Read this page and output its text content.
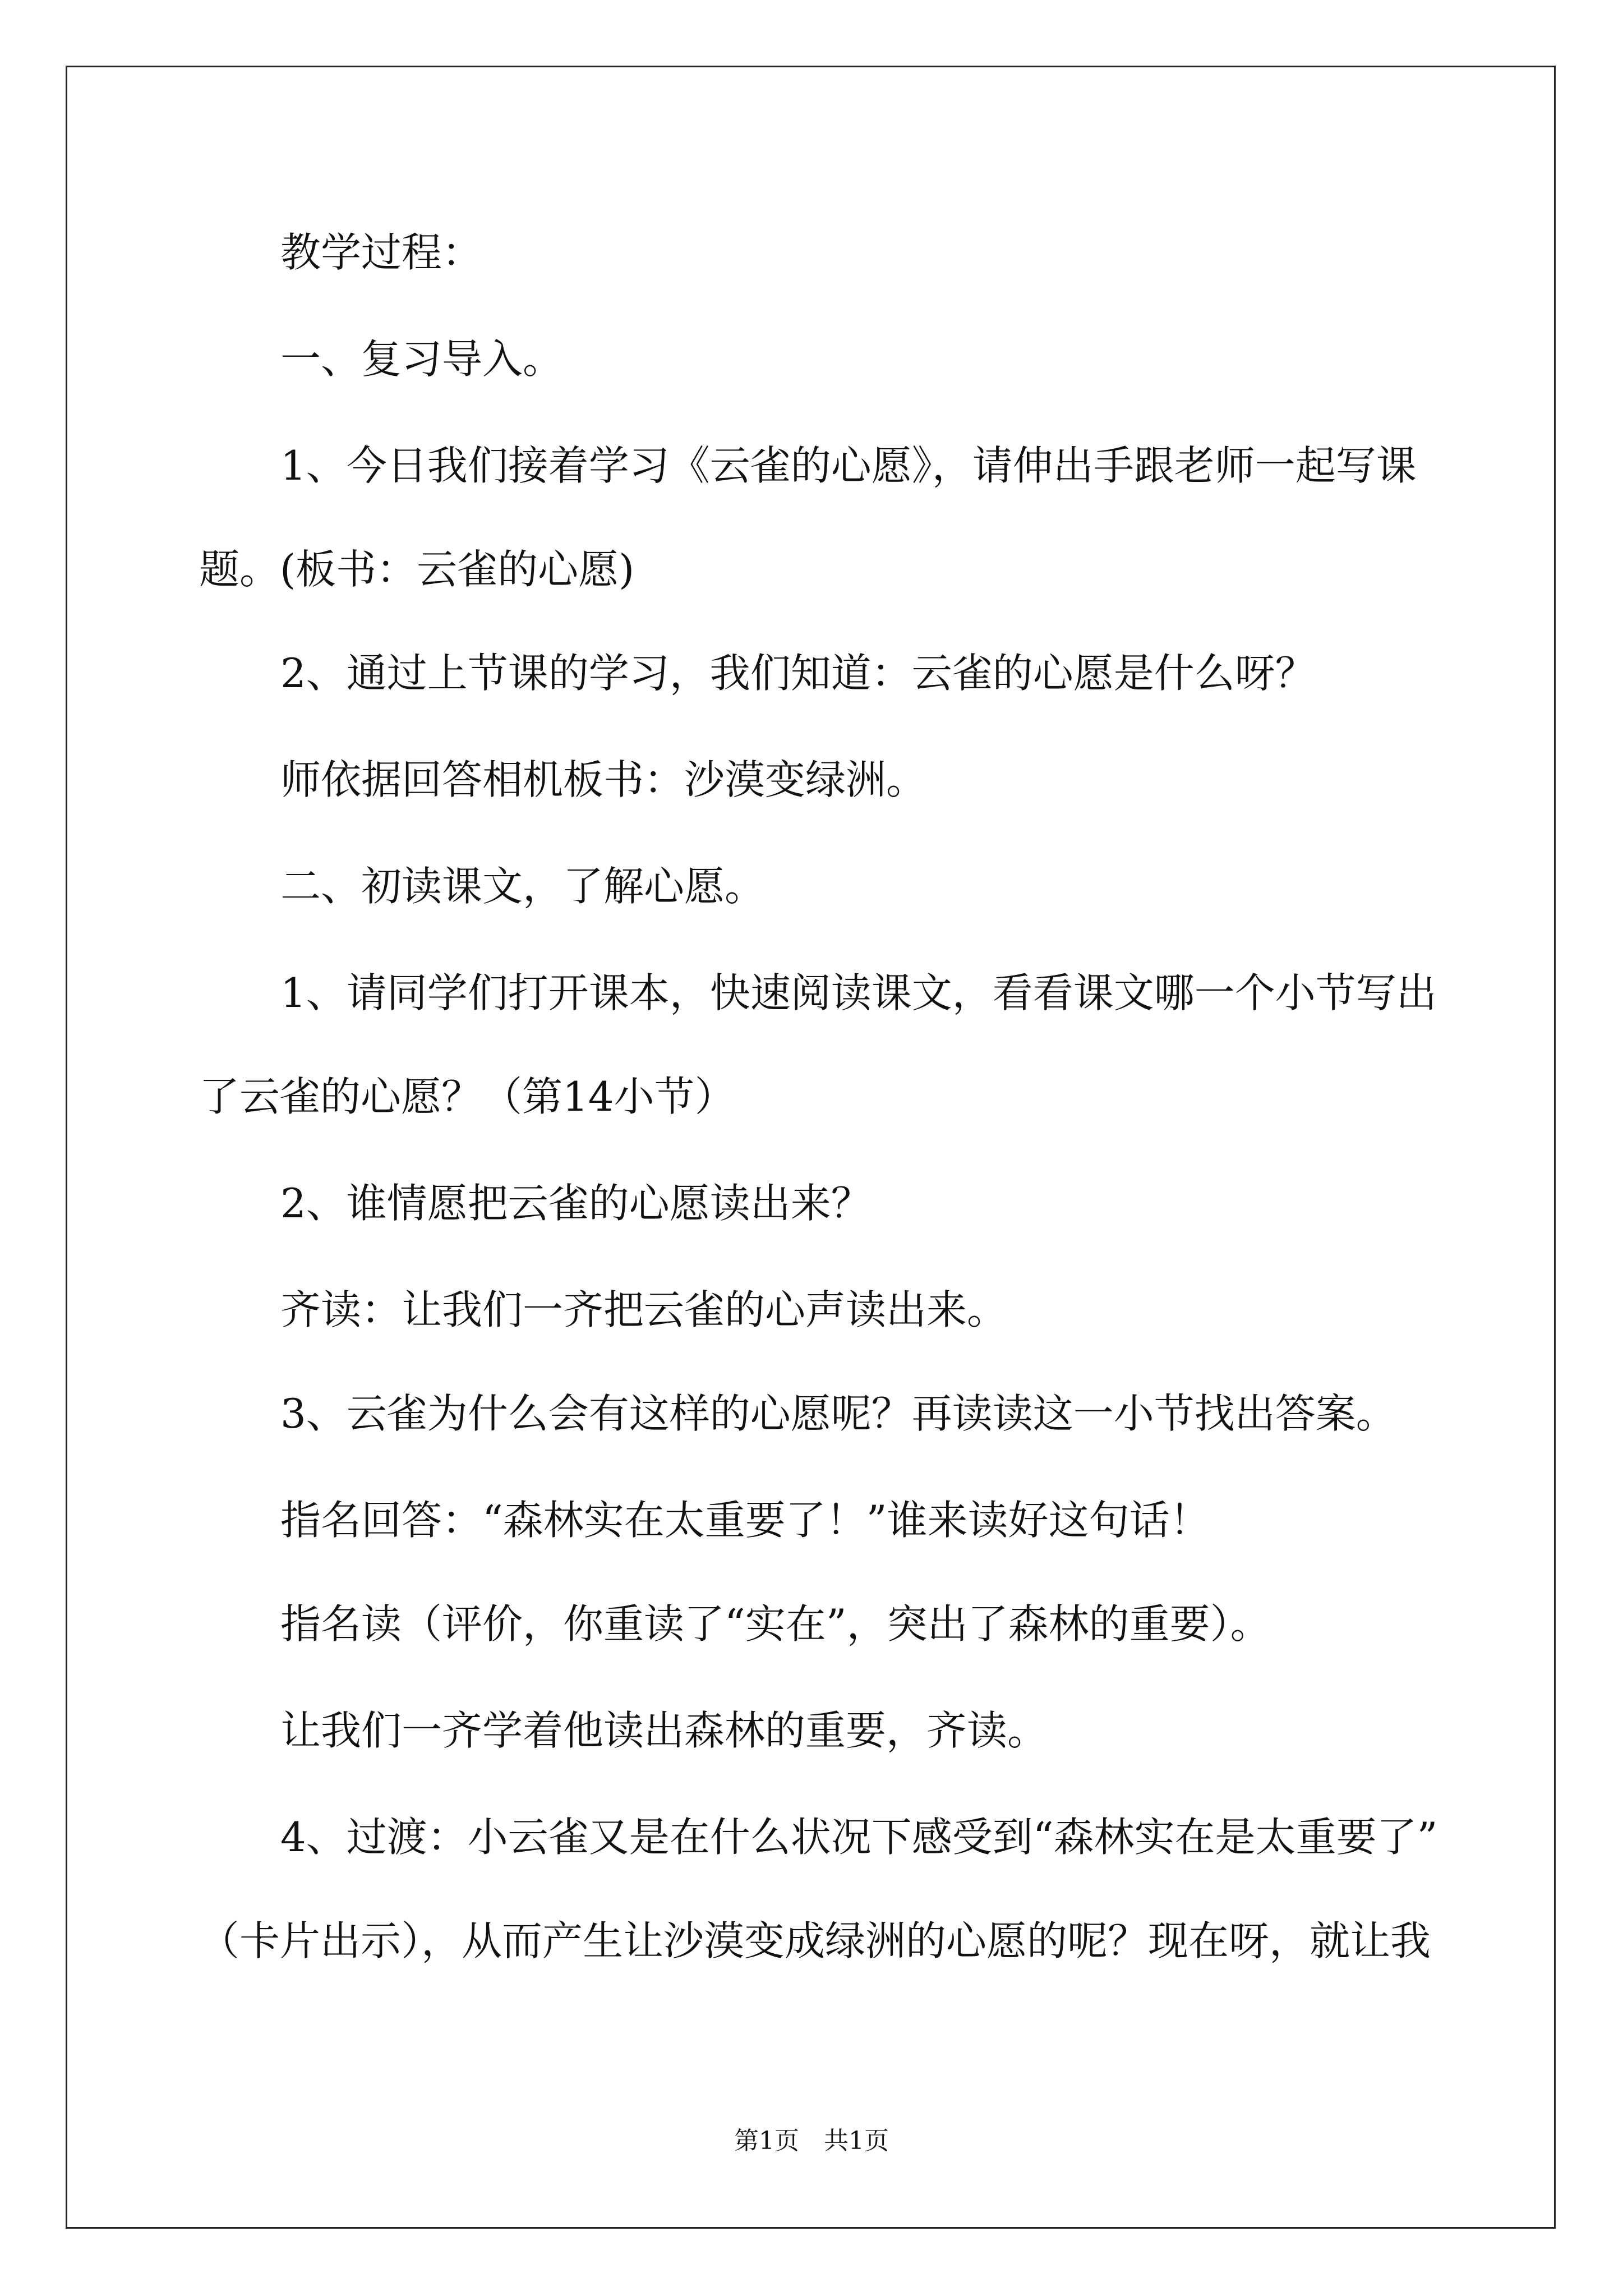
教学过程：
一、复习导入。
1、今日我们接着学习《云雀的心愿》，请伸出手跟老师一起写课
题。(板书：云雀的心愿)
2、通过上节课的学习，我们知道：云雀的心愿是什么呀？
师依据回答相机板书：沙漠变绿洲。
二、初读课文，了解心愿。
1、请同学们打开课本，快速阅读课文，看看课文哪一个小节写出
了云雀的心愿？（第14小节）
2、谁情愿把云雀的心愿读出来？
齐读：让我们一齐把云雀的心声读出来。
3、云雀为什么会有这样的心愿呢？再读读这一小节找出答案。
指名回答：“森林实在太重要了！”谁来读好这句话！
指名读（评价，你重读了“实在”，突出了森林的重要）。
让我们一齐学着他读出森林的重要，齐读。
4、过渡：小云雀又是在什么状况下感受到“森林实在是太重要了”
（卡片出示），从而产生让沙漠变成绿洲的心愿的呢？现在呀，就让我
第1页　共1页
